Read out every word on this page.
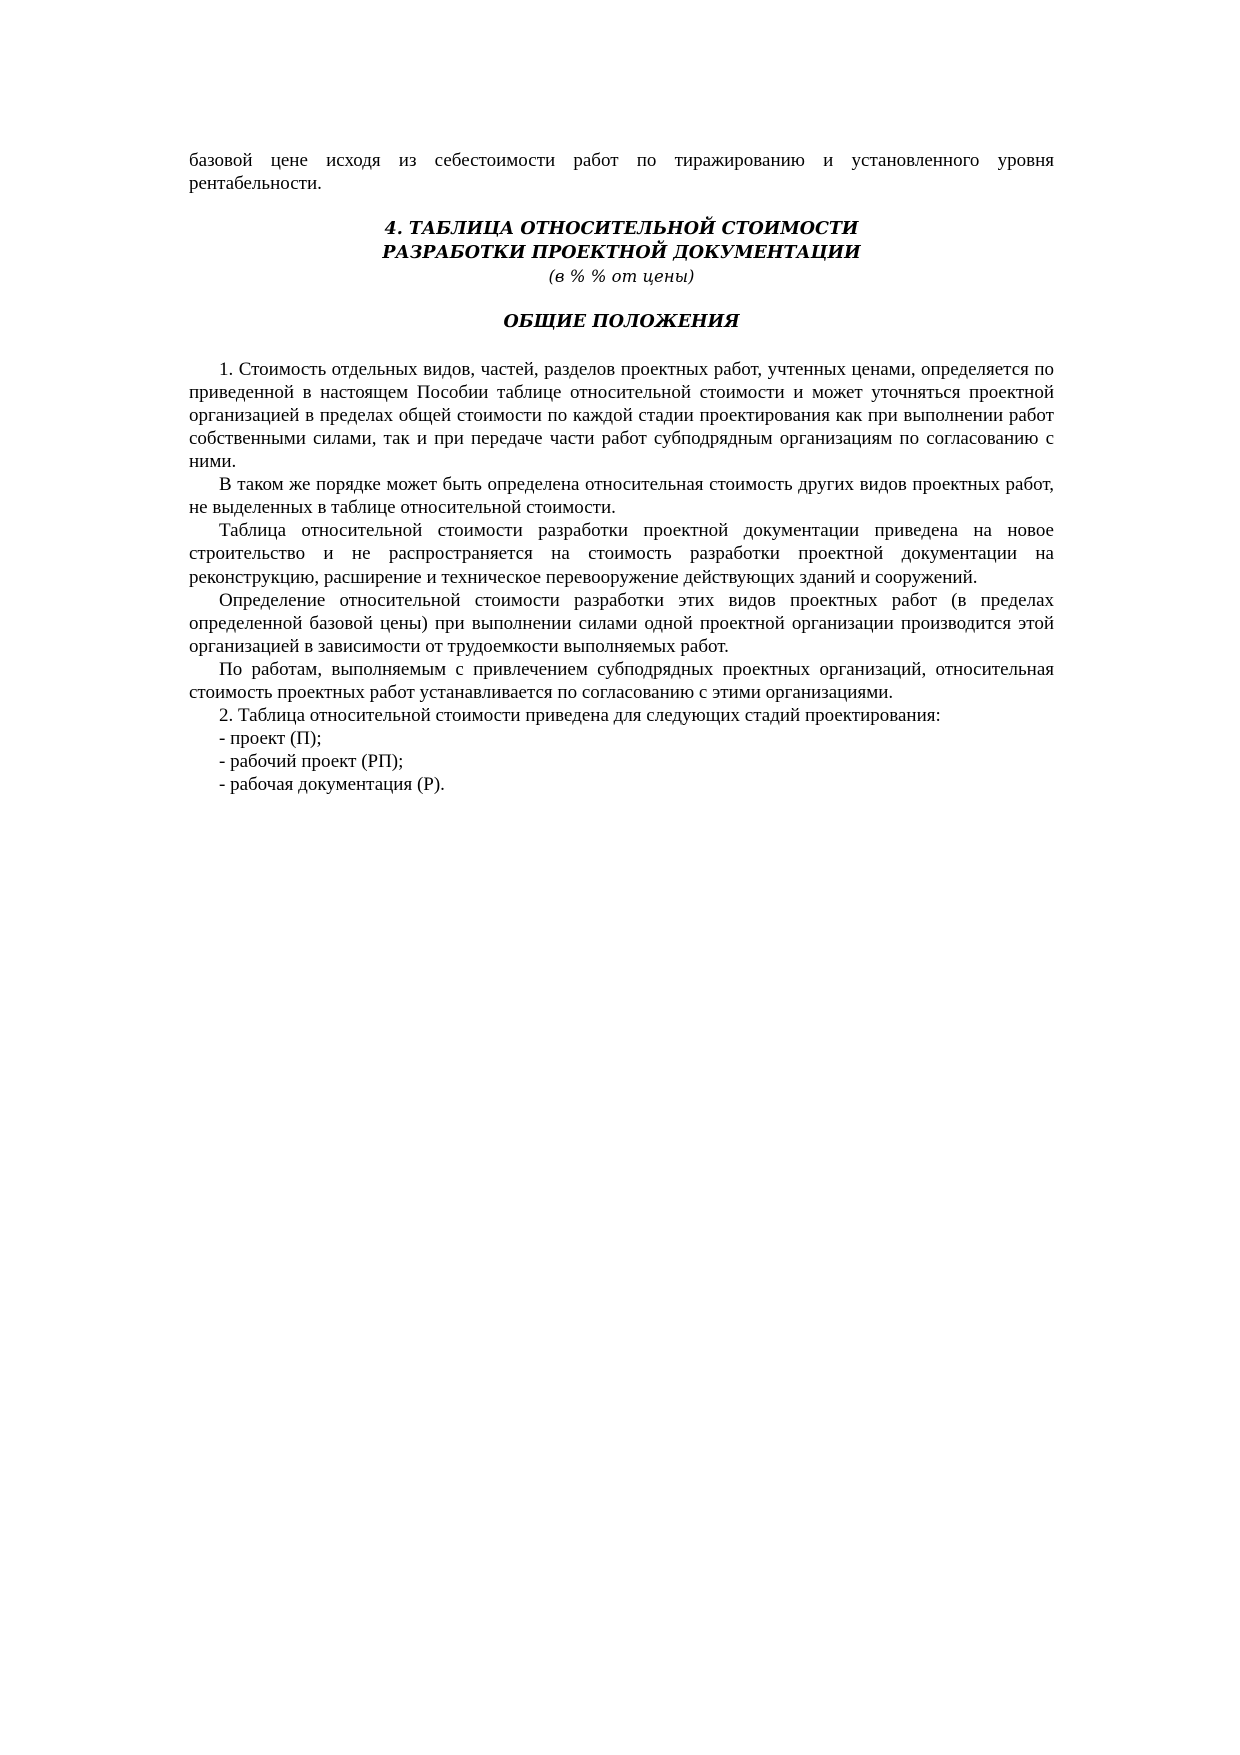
базовой цене исходя из себестоимости работ по тиражированию и установленного уровня рентабельности.

4. ТАБЛИЦА ОТНОСИТЕЛЬНОЙ СТОИМОСТИ
РАЗРАБОТКИ ПРОЕКТНОЙ ДОКУМЕНТАЦИИ
(в % % от цены)
ОБЩИЕ ПОЛОЖЕНИЯ

1. Стоимость отдельных видов, частей, разделов проектных работ, учтенных ценами, определяется по приведенной в настоящем Пособии таблице относительной стоимости и может уточняться проектной организацией в пределах общей стоимости по каждой стадии проектирования как при выполнении работ собственными силами, так и при передаче части работ субподрядным организациям по согласованию с ними.

В таком же порядке может быть определена относительная стоимость других видов проектных работ, не выделенных в таблице относительной стоимости.

Таблица относительной стоимости разработки проектной документации приведена на новое строительство и не распространяется на стоимость разработки проектной документации на реконструкцию, расширение и техническое перевооружение действующих зданий и сооружений.

Определение относительной стоимости разработки этих видов проектных работ (в пределах определенной базовой цены) при выполнении силами одной проектной организации производится этой организацией в зависимости от трудоемкости выполняемых работ.

По работам, выполняемым с привлечением субподрядных проектных организаций, относительная стоимость проектных работ устанавливается по согласованию с этими организациями.

2. Таблица относительной стоимости приведена для следующих стадий проектирования:

- проект (П);

- рабочий проект (РП);

- рабочая документация (Р).
